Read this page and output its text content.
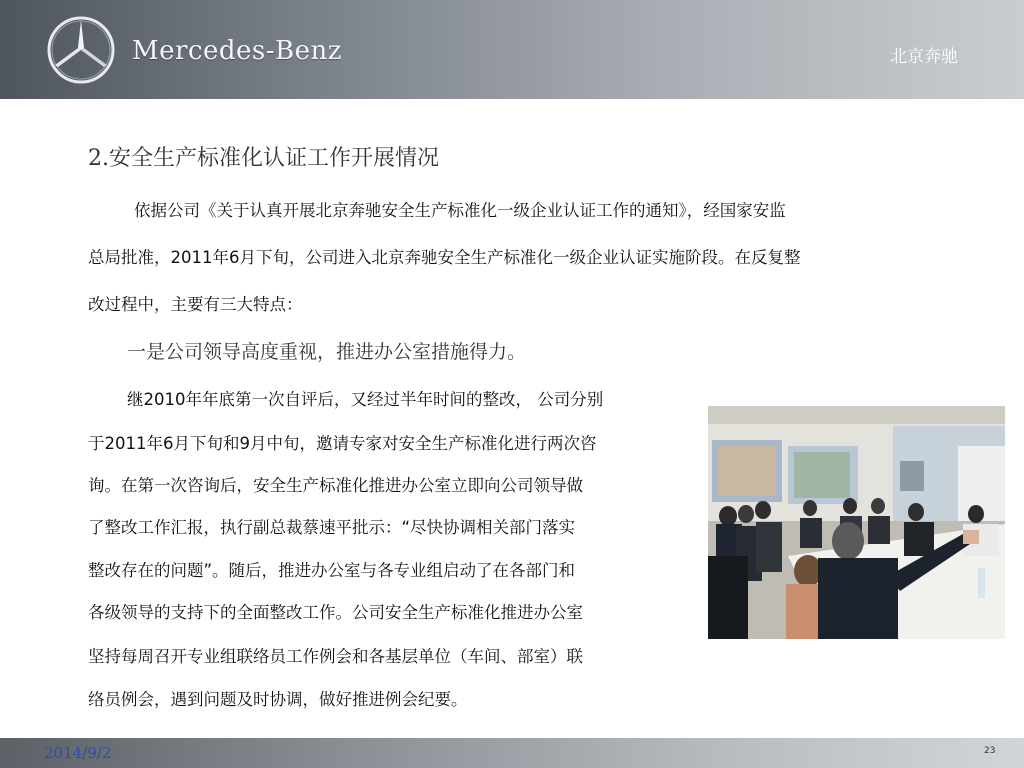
Mercedes-Benz	北京奔驰
2.安全生产标准化认证工作开展情况
依据公司《关于认真开展北京奔驰安全生产标准化一级企业认证工作的通知》，经国家安监
总局批准，2011年6月下旬，公司进入北京奔驰安全生产标准化一级企业认证实施阶段。在反复整
改过程中，主要有三大特点：
一是公司领导高度重视，推进办公室措施得力。
继2010年年底第一次自评后，又经过半年时间的整改， 公司分别
于2011年6月下旬和9月中旬，邀请专家对安全生产标准化进行两次咨
询。在第一次咨询后，安全生产标准化推进办公室立即向公司领导做
了整改工作汇报，执行副总裁蔡速平批示：“尽快协调相关部门落实
整改存在的问题”。随后，推进办公室与各专业组启动了在各部门和
各级领导的支持下的全面整改工作。公司安全生产标准化推进办公室
坚持每周召开专业组联络员工作例会和各基层单位（车间、部室）联
络员例会，遇到问题及时协调，做好推进例会纪要。
2014/9/2	23
